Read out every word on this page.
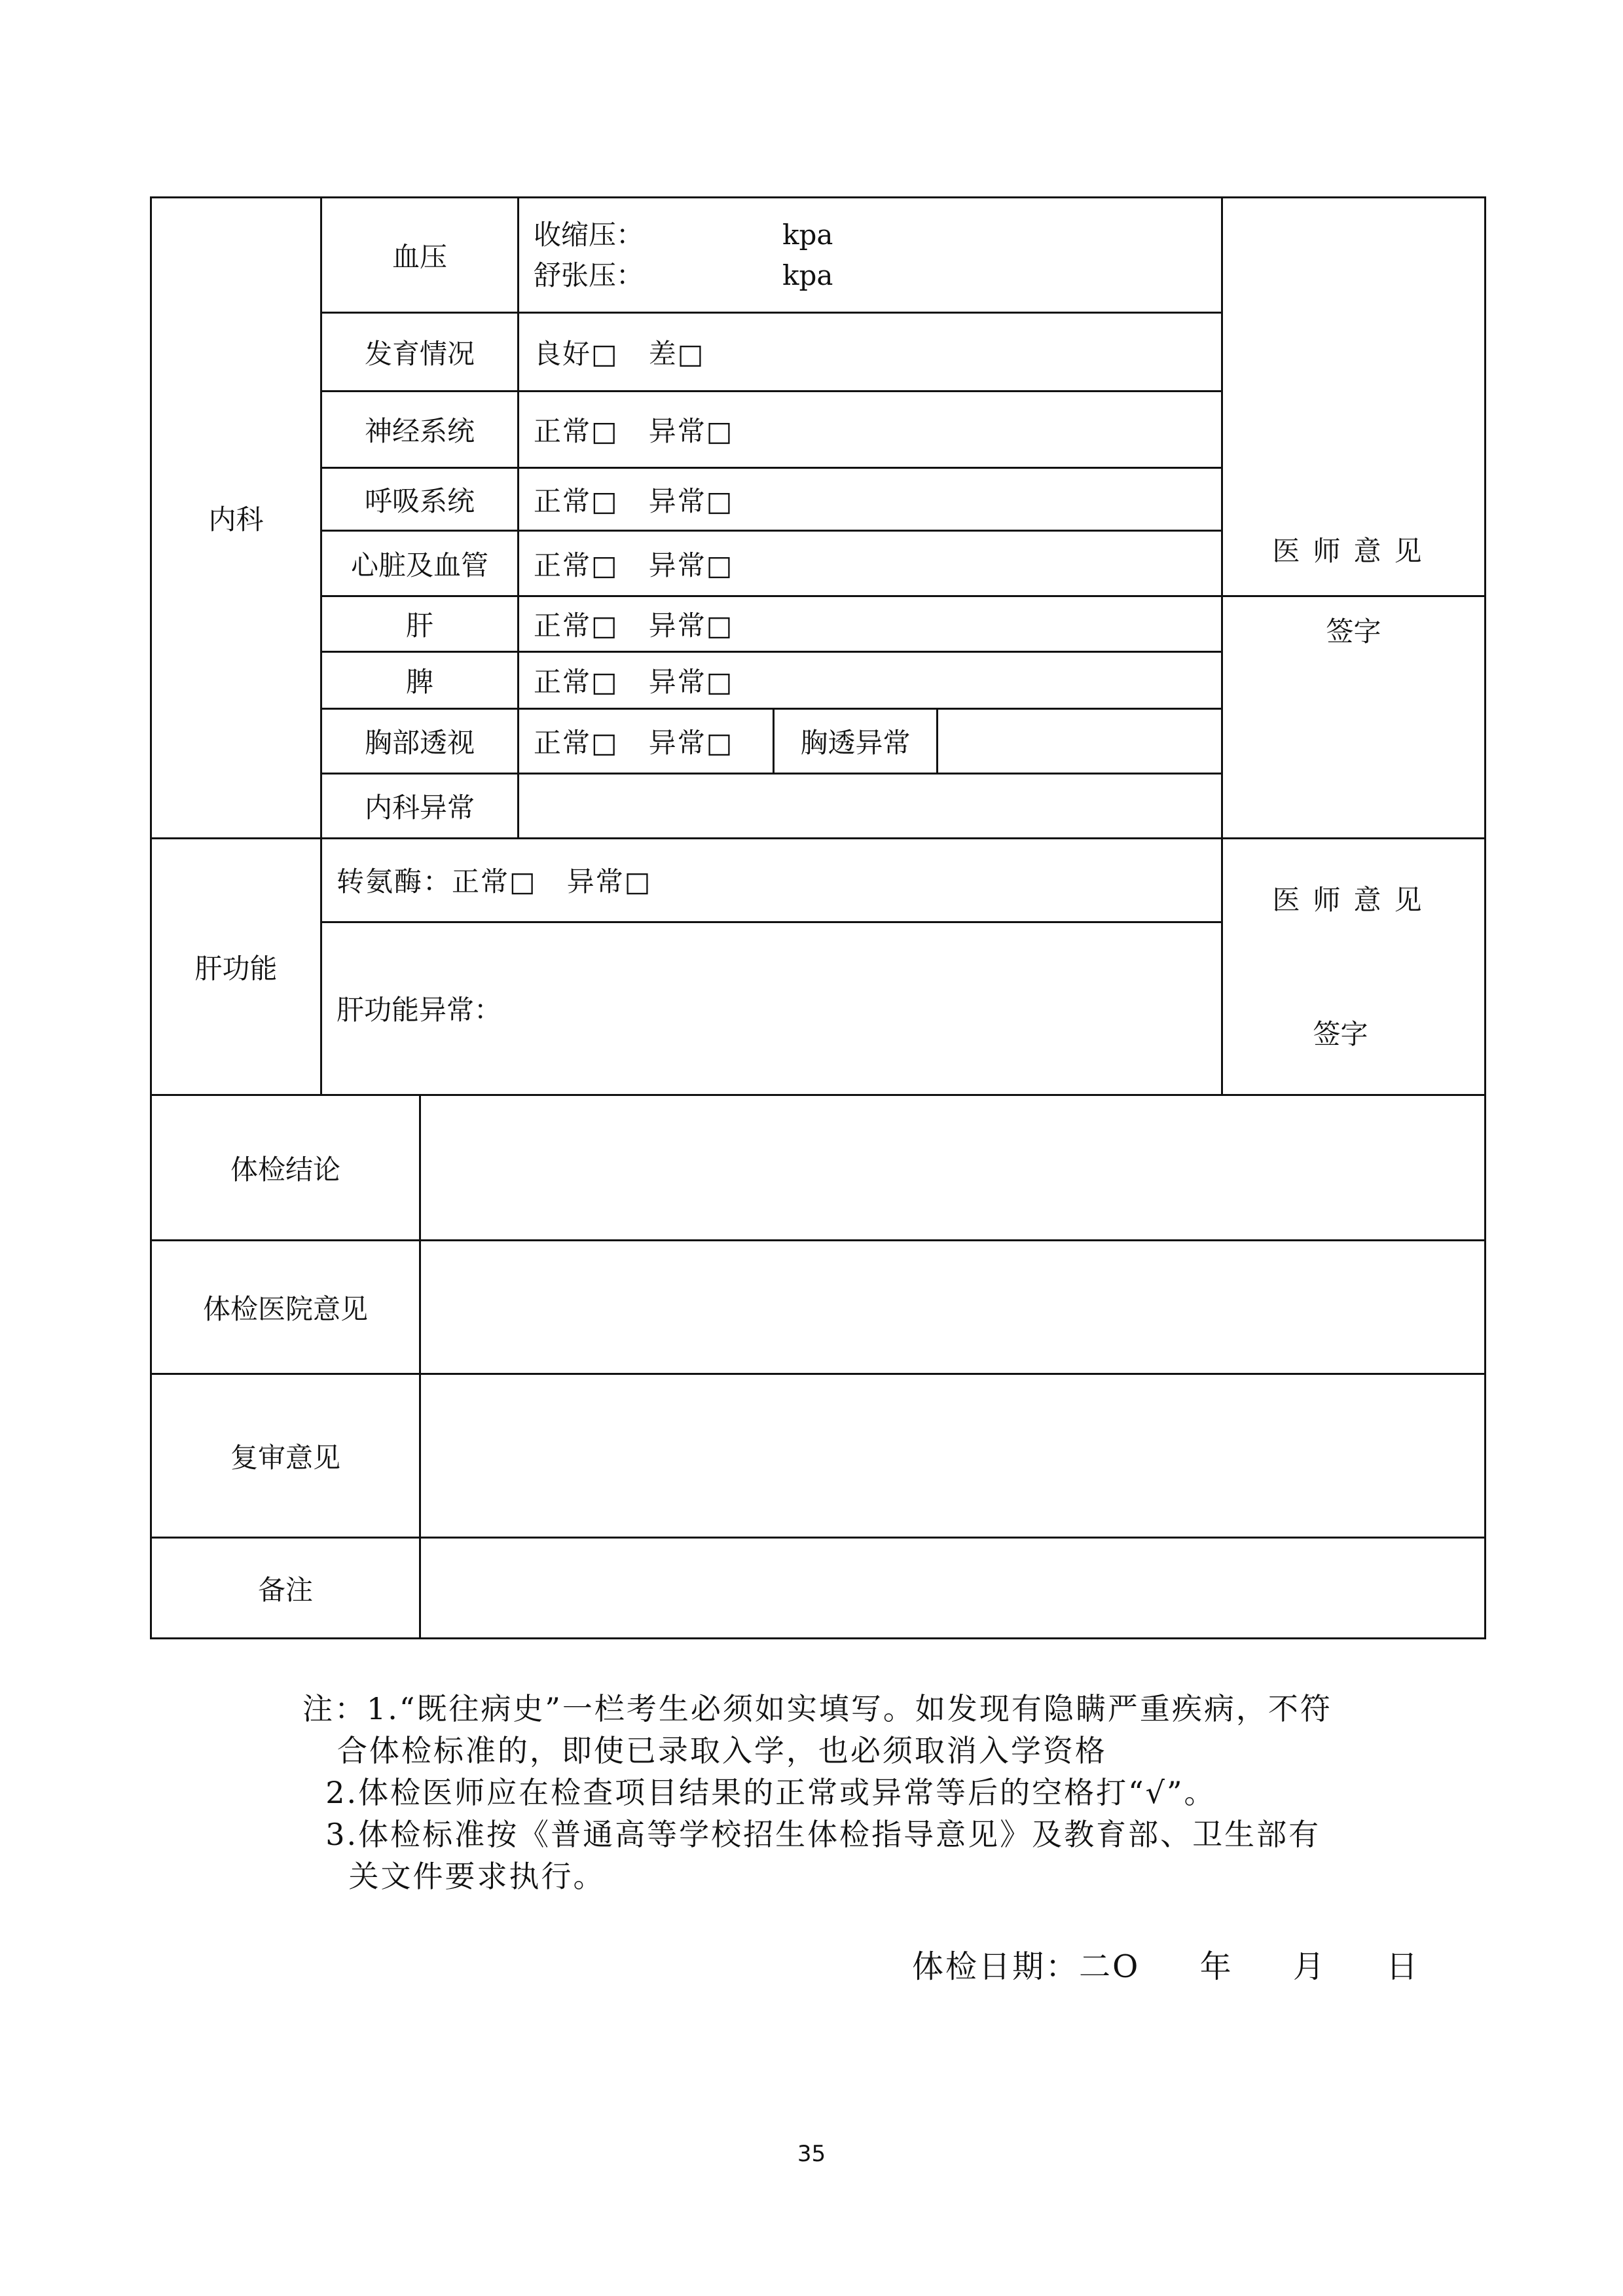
内科	血压		收缩压： kpa
舒张压： kpa			医师意见
	发育情况		良好□   差□			
	神经系统		正常□   异常□			
	呼吸系统		正常□   异常□			
	心脏及血管		正常□   异常□			
	肝		正常□   异常□			签字
	脾		正常□   异常□			
	胸部透视		正常□   异常□	胸透异常		
	内科异常					
肝功能	转氨酶：正常□   异常□					医师意见
签字

	肝功能异常：					
体检结论						
体检医院意见						
复审意见						
备注						
注：1.“既往病史”一栏考生必须如实填写。如发现有隐瞒严重疾病，不符
合体检标准的，即使已录取入学，也必须取消入学资格
2.体检医师应在检查项目结果的正常或异常等后的空格打“√”。
3.体检标准按《普通高等学校招生体检指导意见》及教育部、卫生部有
关文件要求执行。
体检日期：二O     年     月     日
35
